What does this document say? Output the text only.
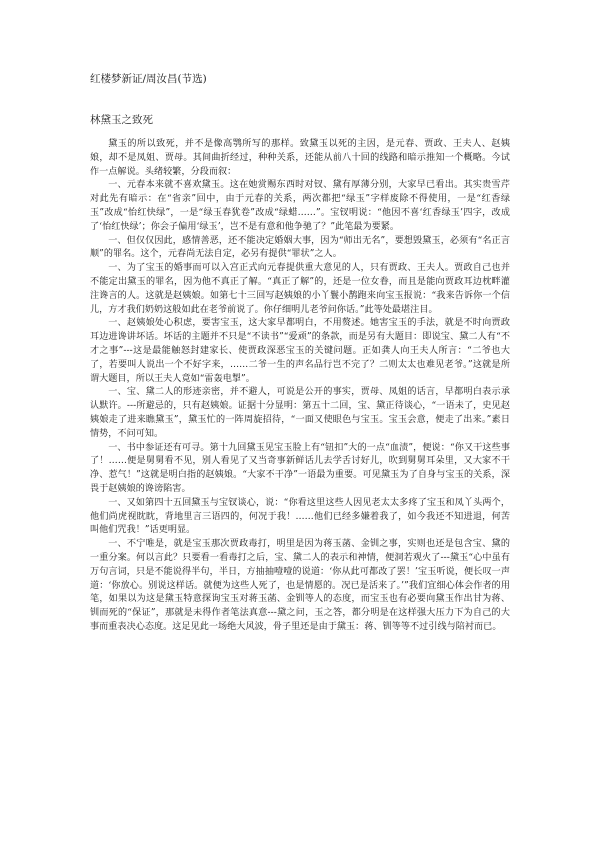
红楼梦新证/周汝昌(节选)
林黛玉之致死

黛玉的所以致死，并不是像高鹗所写的那样。致黛玉以死的主因，是元春、贾政、王夫人、赵姨娘，却不是凤姐、贾母。其间曲折经过，种种关系，还能从前八十回的线路和暗示推知一个概略。今试作一点解说。头绪较繁，分段而叙：

一、元春本来就不喜欢黛玉。这在她赏赐东西时对钗、黛有厚薄分别，大家早已看出。其实贵雪芹对此先有暗示：在“省亲”回中，由于元春的关系，两次都把“绿玉”字样废除不得使用，一是“红香绿玉”改成“怡红快绿”，一是“绿玉春犹卷”改成“绿蜡……”。宝钗明说：“他因不喜‘红香绿玉’四字，改成了‘怡红快绿’；你会子偏用‘绿玉’，岂不是有意和他争驰了？”此笔最为要紧。

一、但仅仅因此，感情善恶，还不能决定婚姻大事，因为“师出无名”，要想毁黛玉，必须有“名正言顺”的罪名。这个，元春尚无法自定，必另有提供“罪状”之人。

一、为了宝玉的婚事而可以入宫正式向元春提供重大意见的人，只有贾政、王夫人。贾政自己也并不能定出黛玉的罪名，因为他不真正了解。“真正了解”的，还是一位女眷，而且是能向贾政耳边枕畔灌注谗言的人。这就是赵姨娘。如第七十三回写赵姨娘的小丫鬟小鹊跑来向宝玉报说：“我来告诉你一个信儿，方才我们奶奶这般如此在老爷前说了。你仔细明儿老爷问你话。”此等处最堪注目。

一、赵姨娘处心积虑，要害宝玉，这大家早都明白，不用赘述。她害宝玉的手法，就是不时向贾政耳边进谗讲坏话。坏话的主题并不只是“不读书”“爱顽”的条款，而是另有大题目：即说宝、黛二人有“不才之事”---这是最能触怒封建家长、使贾政深恶宝玉的关键问题。正如龚人向王夫人所言：“二爷也大了，若要叫人说出一个不好字来，……二爷一生的声名品行岂不完了？二则太太也难见老爷。”这就是所谓大题目，所以王夫人竟如“雷轰电掣”。

一、宝、黛二人的形迹亲密，并不避人，可说是公开的事实，贾母、凤姐的话言，早都明白表示承认默许。---所避忌的，只有赵姨娘。证据十分显明：第五十二回，宝、黛正待谈心，“一语未了，史见赵姨娘走了进来瞧黛玉”，黛玉忙的一阵周旋招待，“一面又使眼色与宝玉。宝玉会意，便走了出来。”素日情势，不问可知。

一、书中参证还有可寻。第十九回黛玉见宝玉脸上有“钮扣”大的一点“血渍”，便说：“你又干这些事了！……便是舅舅看不见，别人看见了又当奇事新鲜话儿去学舌讨好儿，吹到舅舅耳朵里，又大家不干净、惹气！”这就是明白指的赵姨娘。“大家不干净”一语最为重要。可见黛玉为了自身与宝玉的关系，深畏于赵姨娘的谗谤陷害。

一、又如第四十五回黛玉与宝钗谈心，说：“你看这里这些人因见老太太多疼了宝玉和凤丫头两个，他们尚虎视眈眈，背地里言三语四的，何况于我！……他们已经多嫌着我了，如今我还不知进退，何苦叫他们咒我！”话更明显。

一、不宁唯是，就是宝玉那次贾政毒打，明里是因为蒋玉菡、金钏之事，实则也还是包含宝、黛的一重分案。何以言此？只要看一看毒打之后，宝、黛二人的表示和神情，便洞若观火了---黛玉“心中虽有万句言词，只是不能说得半句，半日，方抽抽噎噎的说道：‘你从此可都改了罢！’宝玉听说，便长叹一声道：‘你放心。别说这样话。就便为这些人死了，也是情愿的。况已是活来了。’”我们宜细心体会作者的用笔，如果以为这是黛玉特意探询宝玉对蒋玉菡、金钏等人的态度，而宝玉也有必要向黛玉作出甘为蒋、钏而死的“保证”，那就是未得作者笔法真意---黛之问，玉之答，都分明是在这样强大压力下为自己的大事而重表决心态度。这足见此一场绝大风波，骨子里还是由于黛玉：蒋、钏等等不过引线与陪衬而已。
